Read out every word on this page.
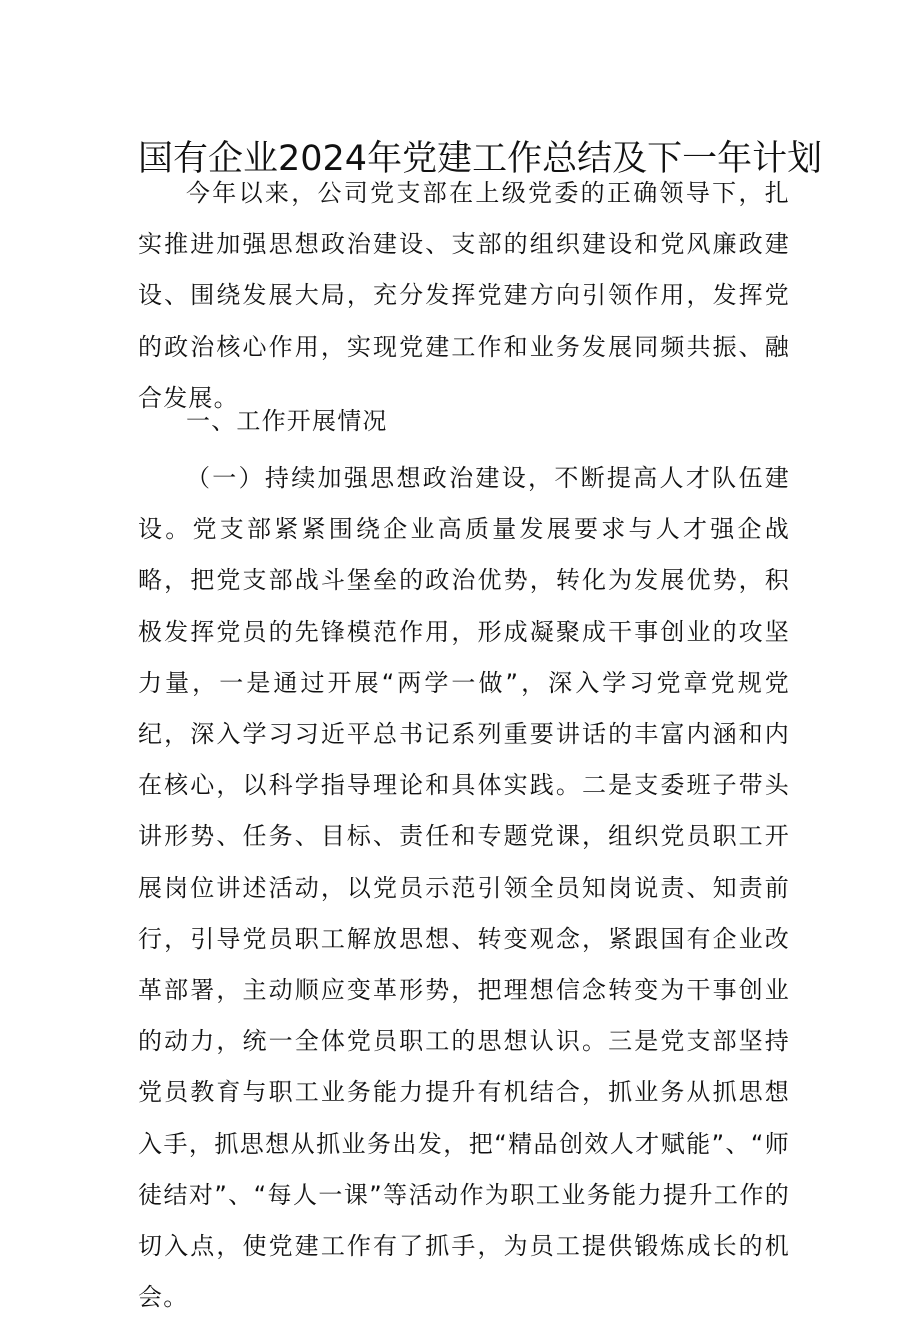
国有企业2024年党建工作总结及下一年计划

今年以来，公司党支部在上级党委的正确领导下，扎实推进加强思想政治建设、支部的组织建设和党风廉政建设、围绕发展大局，充分发挥党建方向引领作用，发挥党的政治核心作用，实现党建工作和业务发展同频共振、融合发展。

一、工作开展情况

（一）持续加强思想政治建设，不断提高人才队伍建设。党支部紧紧围绕企业高质量发展要求与人才强企战略，把党支部战斗堡垒的政治优势，转化为发展优势，积极发挥党员的先锋模范作用，形成凝聚成干事创业的攻坚力量，一是通过开展“两学一做”，深入学习党章党规党纪，深入学习习近平总书记系列重要讲话的丰富内涵和内在核心，以科学指导理论和具体实践。二是支委班子带头讲形势、任务、目标、责任和专题党课，组织党员职工开展岗位讲述活动，以党员示范引领全员知岗说责、知责前行，引导党员职工解放思想、转变观念，紧跟国有企业改革部署，主动顺应变革形势，把理想信念转变为干事创业的动力，统一全体党员职工的思想认识。三是党支部坚持党员教育与职工业务能力提升有机结合，抓业务从抓思想入手，抓思想从抓业务出发，把“精品创效人才赋能”、“师徒结对”、“每人一课”等活动作为职工业务能力提升工作的切入点，使党建工作有了抓手，为员工提供锻炼成长的机会。
